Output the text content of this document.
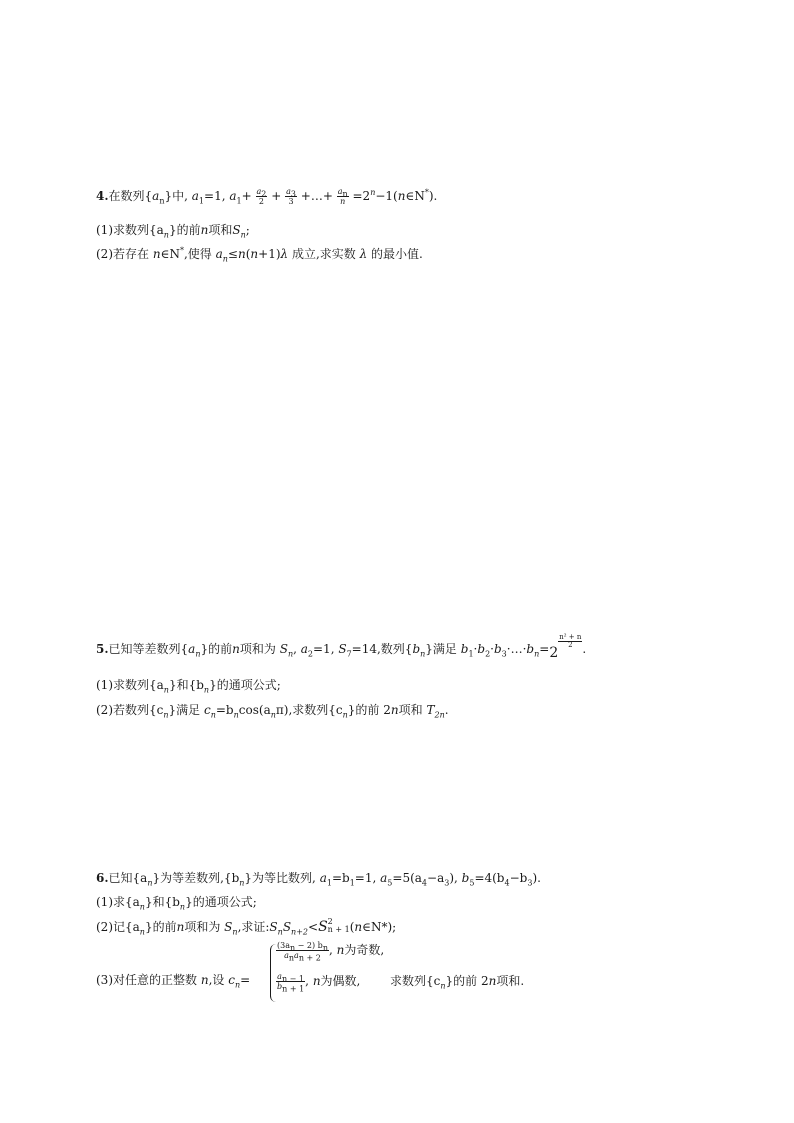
4.在数列$\{a_n\}$中, $a_1=1$, $a_1+ \frac{a_2}{2} + \frac{a_3}{3}$ +…+ $\frac{a_n}{n}$ $=2^n-1(n\in N^*)$.
(1)求数列$\{a_n\}$的前n项和$S_n$;
(2)若存在 n∈N*,使得 $a_n\le n(n+1)\lambda$ 成立,求实数 λ 的最小值.
5.已知等差数列$\{a_n\}$的前n项和为 $S_n$, $a_2=1$, $S_7=14$,数列$\{b_n\}$满足 $b_1\cdot b_2\cdot b_3\cdot\dots\cdot b_n=2$
$\frac{\text{n² + n}}{2}$ .
(1)求数列$\{a_n\}$和$\{b_n\}$的通项公式;
(2)若数列$\{c_n\}$满足 $c_n=b_n\cos(a_n\pi)$,求数列$\{c_n\}$的前 2n项和 $T_{2n}$.
6.已知$\{a_n\}$为等差数列$,\{b_n\}$为等比数列, $a_1=b_1=1$, $a_5=5(a_4-a_3)$, $b_5=4(b_4-b_3)$.
(1)求$\{a_n\}$和$\{b_n\}$的通项公式;
(2)记$\{a_n\}$的前n项和为 $S_n$,求证$:S_nS_{n+2}<S$ 2
n + 1 (n∈N*);
(3)对任意的正整数 n,设 $c_n=$
$\frac{(3a_n - 2) b_n}{a_na_{n + 2}}$ , n为奇数,
$\frac{a_{n - 1}}{b_{n + 1}}$ , n为偶数, 求数列$\{c_n\}$的前 2n项和.
